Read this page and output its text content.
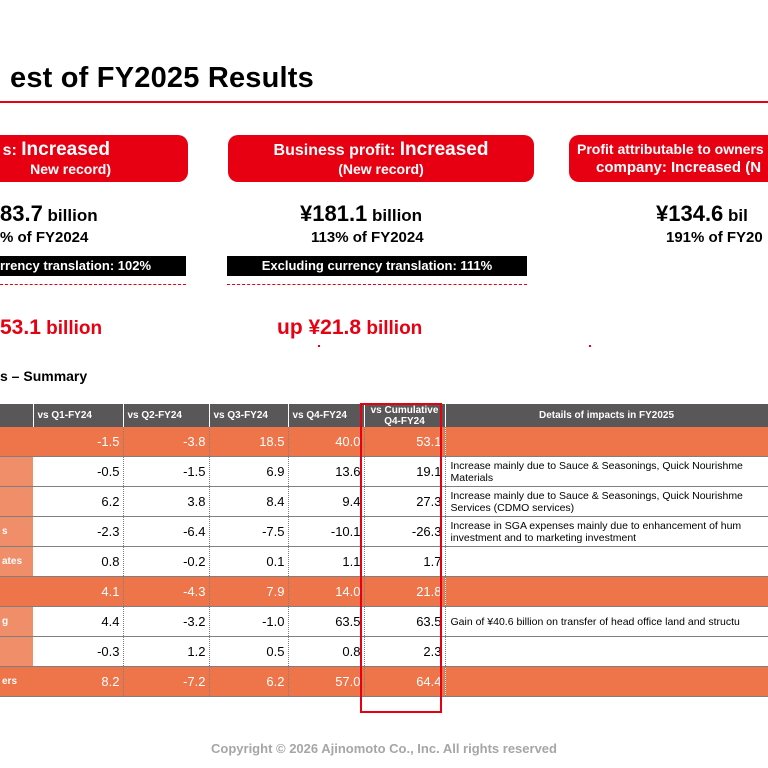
est of FY2025 Results
s: Increased
New record)
83.7 billion
% of FY2024
rrency translation: 102%
53.1 billion
Business profit: Increased
(New record)
¥181.1 billion
113% of FY2024
Excluding currency translation: 111%
up ¥21.8 billion
Profit attributable to owners
company: Increased (N
¥134.6 bil
191% of FY20
s – Summary
	vs Q1-FY24	vs Q2-FY24	vs Q3-FY24	vs Q4-FY24	vs Cumulative Q4-FY24	Details of impacts in FY2025
	-1.5	-3.8	18.5	40.0	53.1	
	-0.5	-1.5	6.9	13.6	19.1	Increase mainly due to Sauce & Seasonings, Quick Nourishme Materials
	6.2	3.8	8.4	9.4	27.3	Increase mainly due to Sauce & Seasonings, Quick Nourishme Services (CDMO services)
s	-2.3	-6.4	-7.5	-10.1	-26.3	Increase in SGA expenses mainly due to enhancement of hum investment and to marketing investment
ates	0.8	-0.2	0.1	1.1	1.7	
	4.1	-4.3	7.9	14.0	21.8	
g	4.4	-3.2	-1.0	63.5	63.5	Gain of ¥40.6 billion on transfer of head office land and structu
	-0.3	1.2	0.5	0.8	2.3	
ers	8.2	-7.2	6.2	57.0	64.4	
Copyright © 2026 Ajinomoto Co., Inc. All rights reserved
